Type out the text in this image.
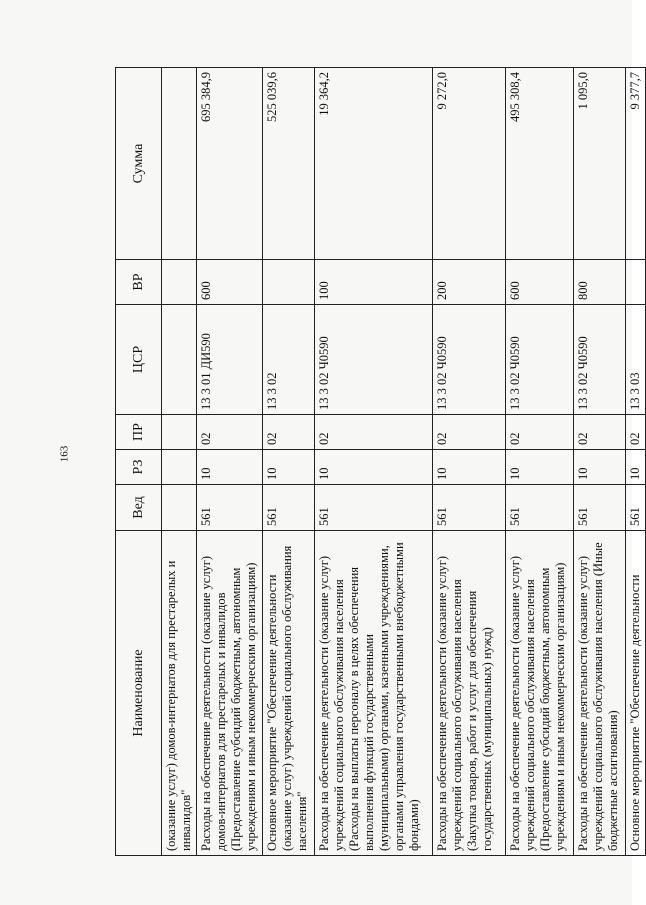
163
Наименование	Вед	РЗ	ПР	ЦСР	ВР	Сумма
(оказание услуг) домов-интернатов для престарелых и инвалидов"						
Расходы на обеспечение деятельности (оказание услуг) домов-интернатов для престарелых и инвалидов (Предоставление субсидий бюджетным, автономным учреждениям и иным некоммерческим организациям)	561	10	02	13 3 01 ДИ590	600	695 384,9
Основное мероприятие "Обеспечение деятельности (оказание услуг) учреждений социального обслуживания населения"	561	10	02	13 3 02		525 039,6
Расходы на обеспечение деятельности (оказание услуг) учреждений социального обслуживания населения (Расходы на выплаты персоналу в целях обеспечения выполнения функций государственными (муниципальными) органами, казенными учреждениями, органами управления государственными внебюджетными фондами)	561	10	02	13 3 02 Ч0590	100	19 364,2
Расходы на обеспечение деятельности (оказание услуг) учреждений социального обслуживания населения (Закупка товаров, работ и услуг для обеспечения государственных (муниципальных) нужд)	561	10	02	13 3 02 Ч0590	200	9 272,0
Расходы на обеспечение деятельности (оказание услуг) учреждений социального обслуживания населения (Предоставление субсидий бюджетным, автономным учреждениям и иным некоммерческим организациям)	561	10	02	13 3 02 Ч0590	600	495 308,4
Расходы на обеспечение деятельности (оказание услуг) учреждений социального обслуживания населения (Иные бюджетные ассигнования)	561	10	02	13 3 02 Ч0590	800	1 095,0
Основное мероприятие "Обеспечение деятельности	561	10	02	13 3 03		9 377,7
